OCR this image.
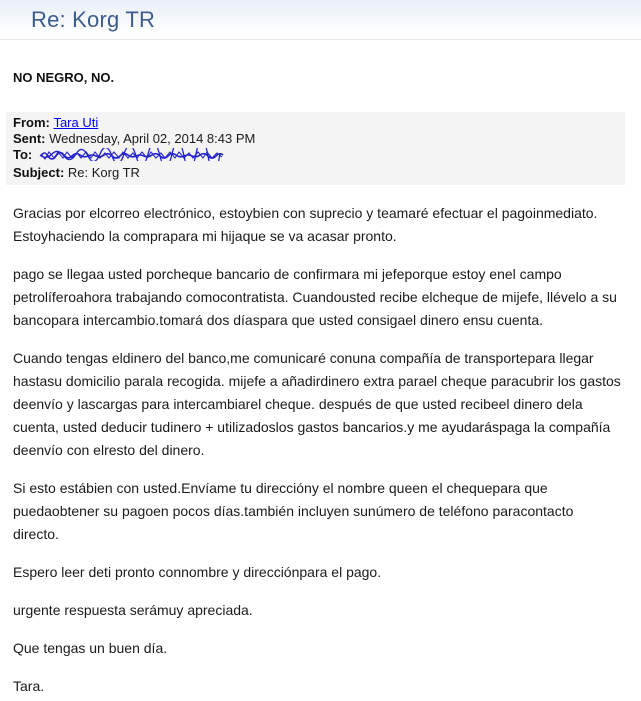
Re: Korg TR
NO NEGRO, NO.
From: Tara Uti
Sent: Wednesday, April 02, 2014 8:43 PM
To:
Subject: Re: Korg TR

Gracias por elcorreo electrónico, estoybien con suprecio y teamaré efectuar el pagoinmediato. Estoyhaciendo la comprapara mi hijaque se va acasar pronto.

pago se llegaa usted porcheque bancario de confirmara mi jefeporque estoy enel campo petrolíferoahora trabajando comocontratista. Cuandousted recibe elcheque de mijefe, llévelo a su bancopara intercambio.tomará dos díaspara que usted consigael dinero ensu cuenta.

Cuando tengas eldinero del banco,me comunicaré conuna compañía de transportepara llegar hastasu domicilio parala recogida. mijefe a añadirdinero extra parael cheque paracubrir los gastos deenvío y lascargas para intercambiarel cheque. después de que usted recibeel dinero dela cuenta, usted deducir tudinero + utilizadoslos gastos bancarios.y me ayudaráspaga la compañía deenvío con elresto del dinero.

Si esto estábien con usted.Envíame tu direccióny el nombre queen el chequepara que puedaobtener su pagoen pocos días.también incluyen sunúmero de teléfono paracontacto directo.

Espero leer deti pronto connombre y direcciónpara el pago.

urgente respuesta serámuy apreciada.

Que tengas un buen día.

Tara.
